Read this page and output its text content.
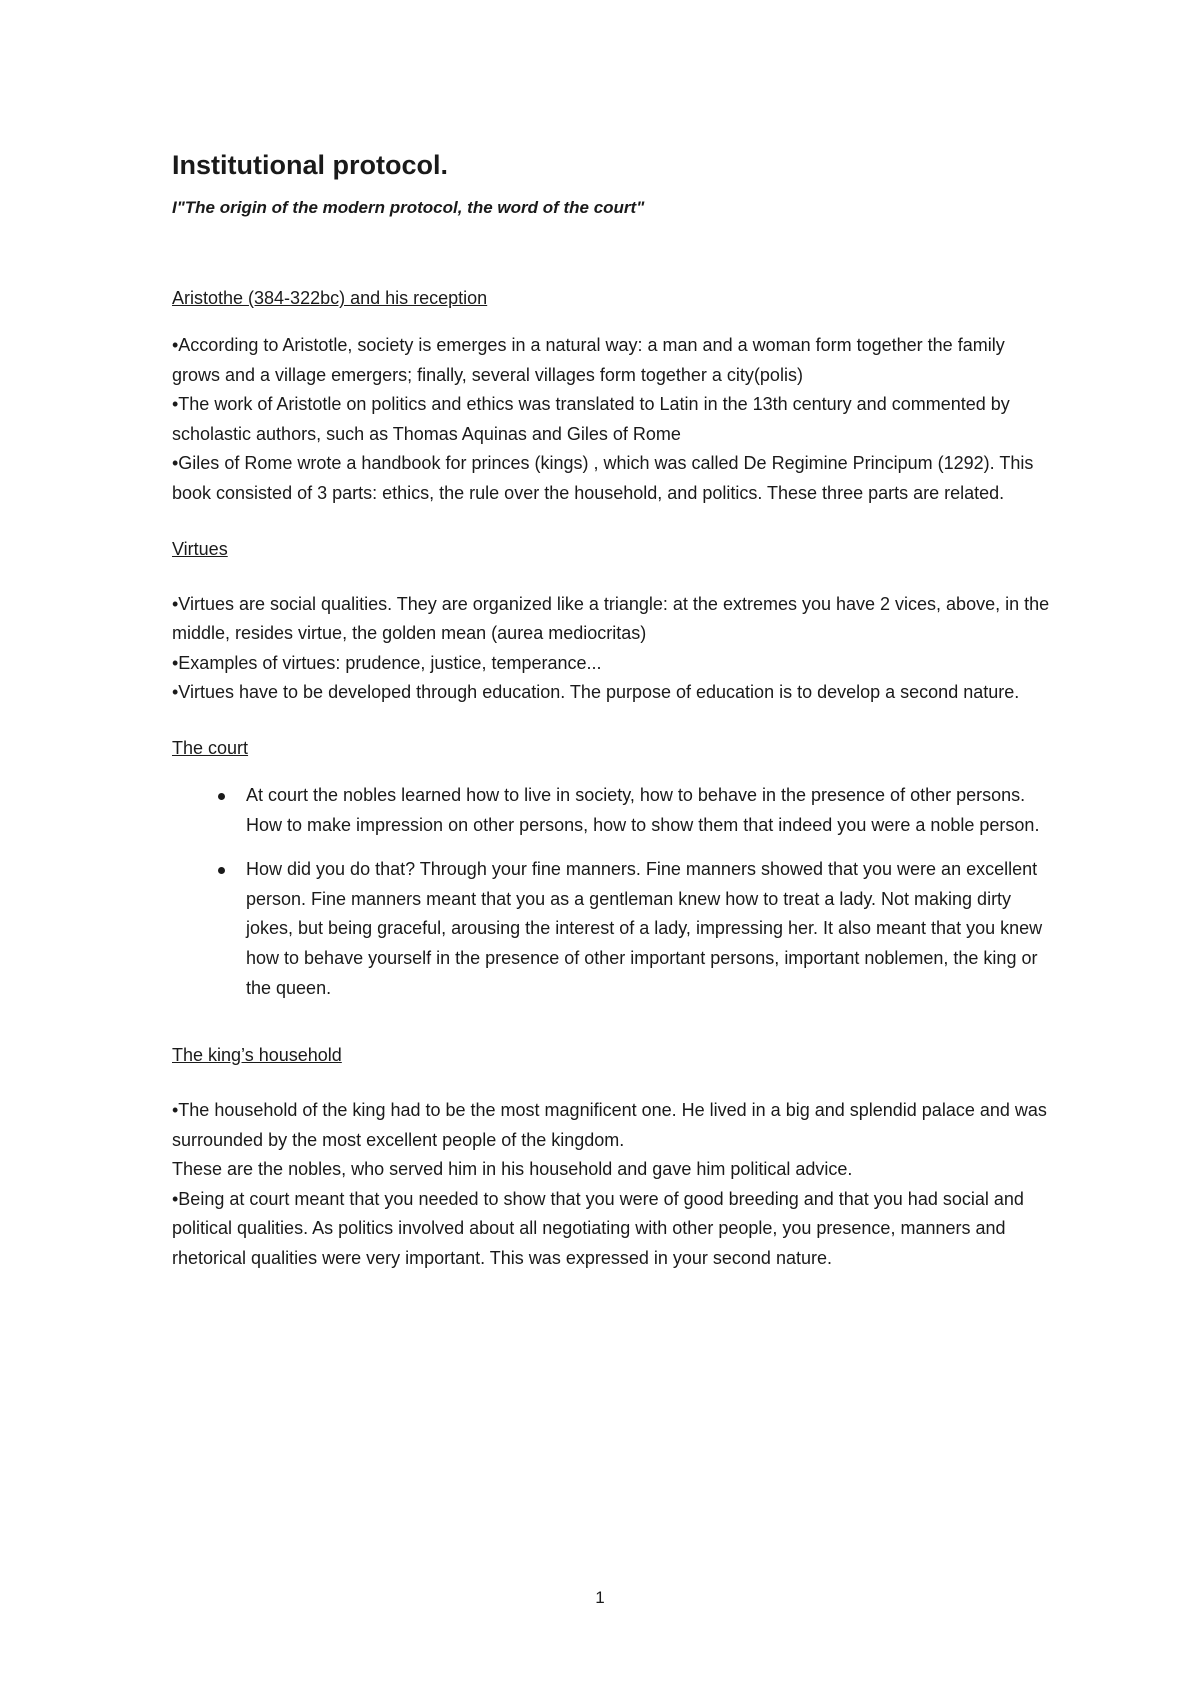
Institutional protocol.
I"The origin of the modern protocol, the word of the court"
Aristothe (384-322bc) and his reception

•According to Aristotle, society is emerges in a natural way: a man and a woman form together the family grows and a village emergers; finally, several villages form together a city(polis)

•The work of Aristotle on politics and ethics was translated to Latin in the 13th century and commented by scholastic authors, such as Thomas Aquinas and Giles of Rome

•Giles of Rome wrote a handbook for princes (kings) , which was called De Regimine Principum (1292). This book consisted of 3 parts: ethics, the rule over the household, and politics. These three parts are related.

Virtues

•Virtues are social qualities. They are organized like a triangle: at the extremes you have 2 vices, above, in the middle, resides virtue, the golden mean (aurea mediocritas)

•Examples of virtues: prudence, justice, temperance...

•Virtues have to be developed through education. The purpose of education is to develop a second nature.

The court
At court the nobles learned how to live in society, how to behave in the presence of other persons. How to make impression on other persons, how to show them that indeed you were a noble person.
How did you do that? Through your fine manners. Fine manners showed that you were an excellent person. Fine manners meant that you as a gentleman knew how to treat a lady. Not making dirty jokes, but being graceful, arousing the interest of a lady, impressing her. It also meant that you knew how to behave yourself in the presence of other important persons, important noblemen, the king or the queen.
The king’s household

•The household of the king had to be the most magnificent one. He lived in a big and splendid palace and was surrounded by the most excellent people of the kingdom.

These are the nobles, who served him in his household and gave him political advice.

•Being at court meant that you needed to show that you were of good breeding and that you had social and political qualities. As politics involved about all negotiating with other people, you presence, manners and rhetorical qualities were very important. This was expressed in your second nature.

1
